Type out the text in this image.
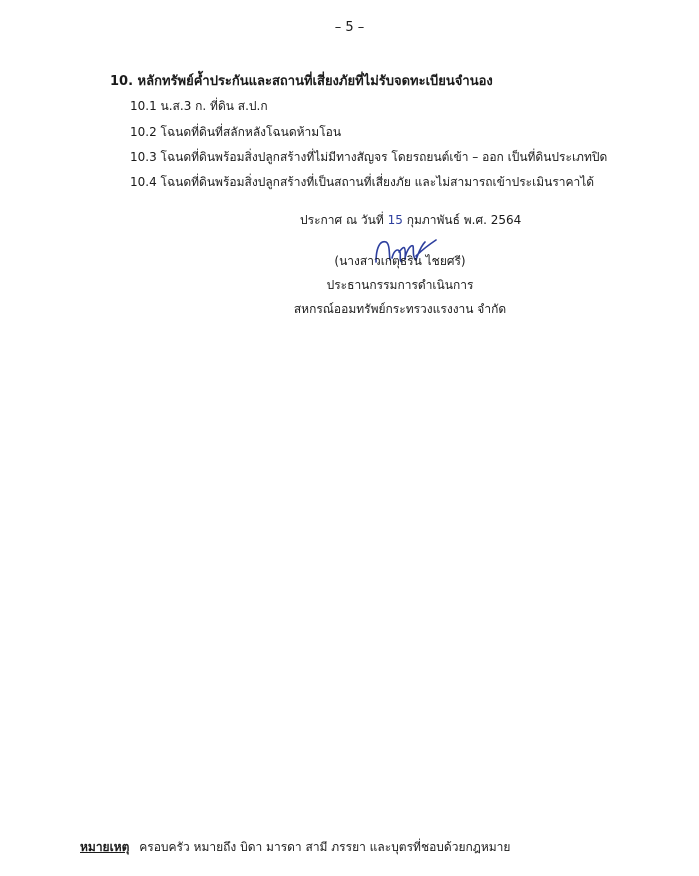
– 5 –
10. หลักทรัพย์ค้ำประกันและสถานที่เสี่ยงภัยที่ไม่รับจดทะเบียนจำนอง
10.1 น.ส.3 ก. ที่ดิน ส.ป.ก
10.2 โฉนดที่ดินที่สลักหลังโฉนดห้ามโอน
10.3 โฉนดที่ดินพร้อมสิ่งปลูกสร้างที่ไม่มีทางสัญจร โดยรถยนต์เข้า – ออก เป็นที่ดินประเภทปิด
10.4 โฉนดที่ดินพร้อมสิ่งปลูกสร้างที่เป็นสถานที่เสี่ยงภัย และไม่สามารถเข้าประเมินราคาได้
ประกาศ ณ วันที่ 15 กุมภาพันธ์ พ.ศ. 2564
(นางสาวเกตุธริน ไชยศรี)
ประธานกรรมการดำเนินการ
สหกรณ์ออมทรัพย์กระทรวงแรงงาน จำกัด
หมายเหตุ ครอบครัว หมายถึง บิดา มารดา สามี ภรรยา และบุตรที่ชอบด้วยกฎหมาย
